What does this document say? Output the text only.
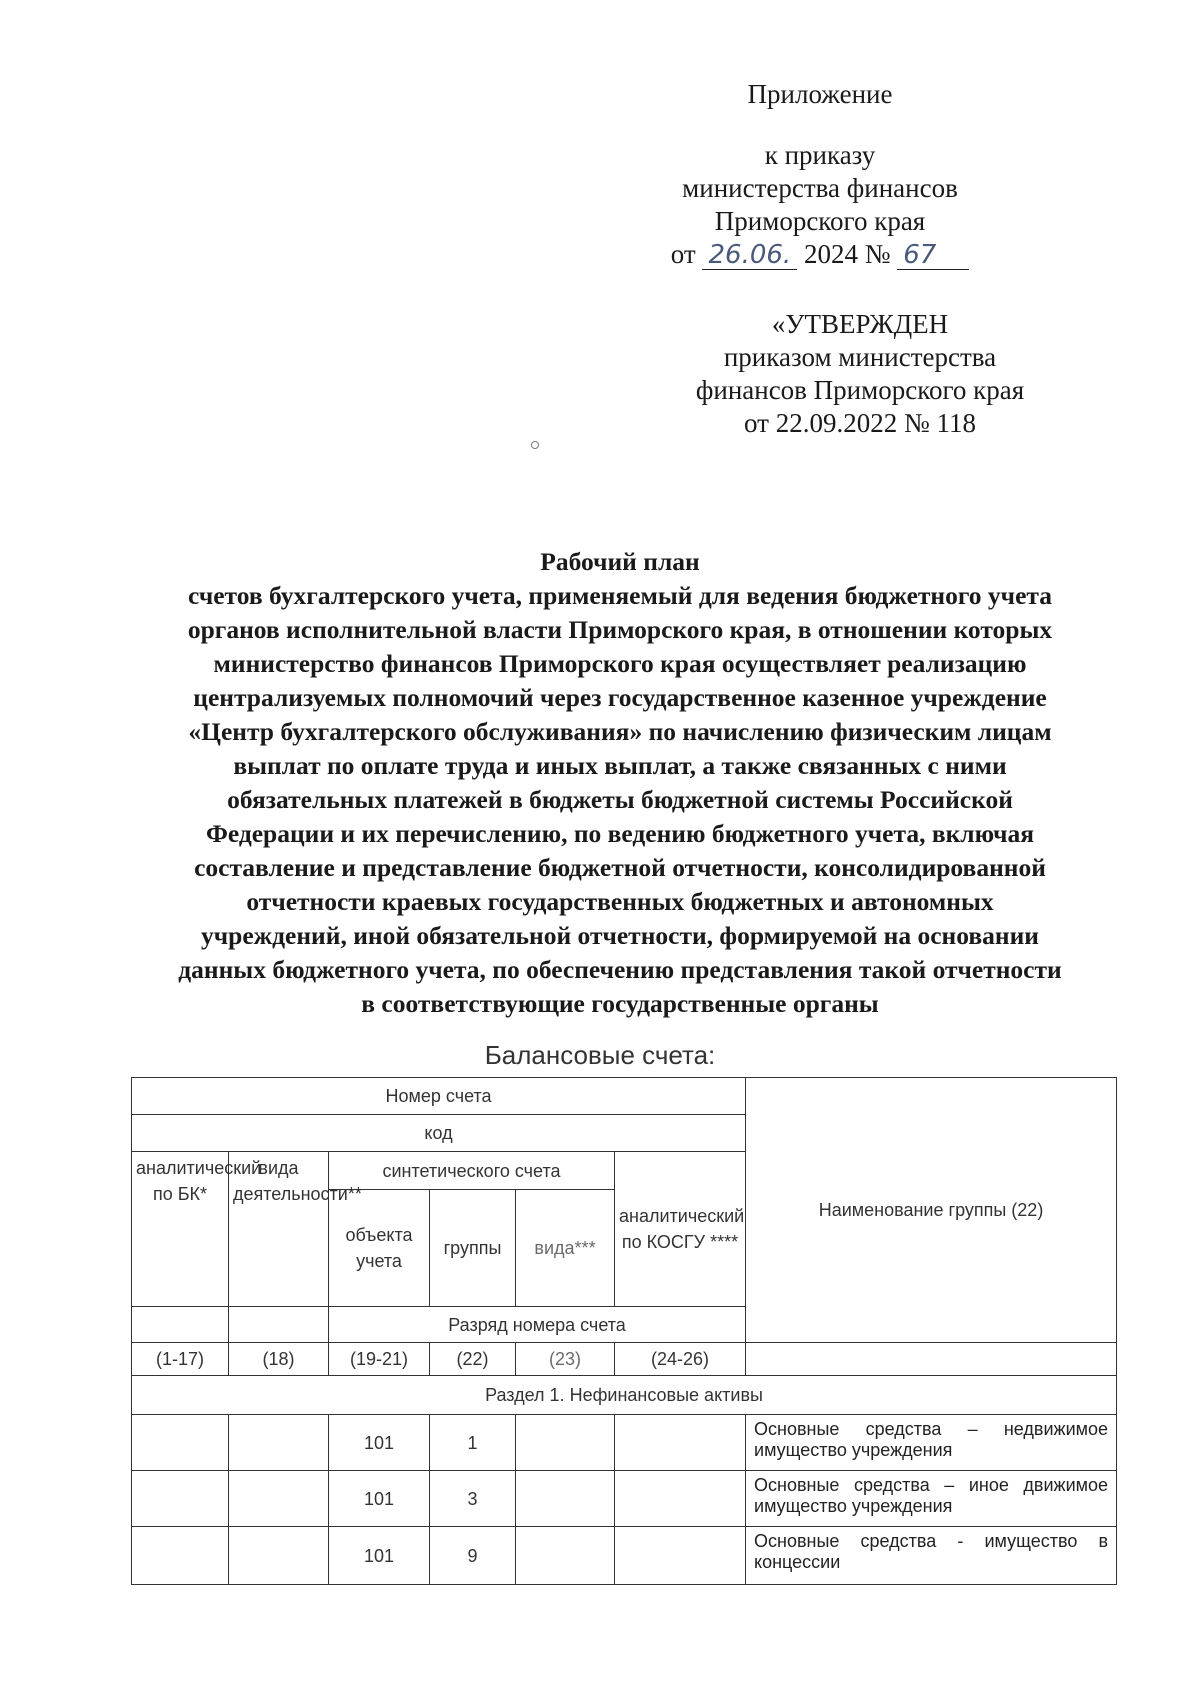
Приложение
к приказу
министерства финансов
Приморского края
от 26.06. 2024 № 67
«УТВЕРЖДЕН
приказом министерства
финансов Приморского края
от 22.09.2022 № 118
Рабочий план
счетов бухгалтерского учета, применяемый для ведения бюджетного учета
органов исполнительной власти Приморского края, в отношении которых
министерство финансов Приморского края осуществляет реализацию
централизуемых полномочий через государственное казенное учреждение
«Центр бухгалтерского обслуживания» по начислению физическим лицам
выплат по оплате труда и иных выплат, а также связанных с ними
обязательных платежей в бюджеты бюджетной системы Российской
Федерации и их перечислению, по ведению бюджетного учета, включая
составление и представление бюджетной отчетности, консолидированной
отчетности краевых государственных бюджетных и автономных
учреждений, иной обязательной отчетности, формируемой на основании
данных бюджетного учета, по обеспечению представления такой отчетности
в соответствующие государственные органы
Балансовые счета:
Номер счета						Наименование группы (22)
код						
аналитический по БК*	вида деятельности**	синтетического счета			аналитический по КОСГУ ****	
		объекта учета	группы	вида***		
		Разряд номера счета				
(1-17)	(18)	(19-21)	(22)	(23)	(24-26)	
Раздел 1. Нефинансовые активы						
		101	1			Основные средства – недвижимое имущество учреждения
		101	3			Основные средства – иное движимое имущество учреждения
		101	9			Основные средства - имущество в концессии
